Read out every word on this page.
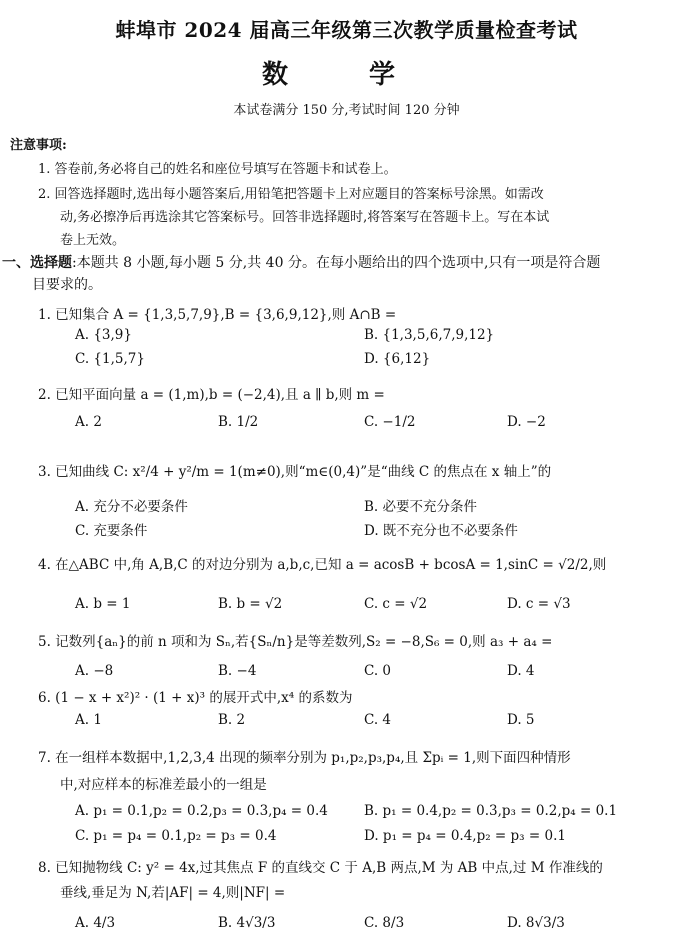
蚌埠市 2024 届高三年级第三次教学质量检查考试
数 学
本试卷满分 150 分,考试时间 120 分钟
注意事项:
1. 答卷前,务必将自己的姓名和座位号填写在答题卡和试卷上。
2. 回答选择题时,选出每小题答案后,用铅笔把答题卡上对应题目的答案标号涂黑。如需改
动,务必擦净后再选涂其它答案标号。回答非选择题时,将答案写在答题卡上。写在本试
卷上无效。
一、选择题:本题共 8 小题,每小题 5 分,共 40 分。在每小题给出的四个选项中,只有一项是符合题
目要求的。
1. 已知集合 A = {1,3,5,7,9},B = {3,6,9,12},则 A∩B =
A. {3,9}	B. {1,3,5,6,7,9,12}
C. {1,5,7}	D. {6,12}
2. 已知平面向量 a = (1,m),b = (−2,4),且 a ∥ b,则 m =
A. 2	B. 1/2	C. −1/2	D. −2
3. 已知曲线 C: x²/4 + y²/m = 1(m≠0),则“m∈(0,4)”是“曲线 C 的焦点在 x 轴上”的
A. 充分不必要条件	B. 必要不充分条件
C. 充要条件	D. 既不充分也不必要条件
4. 在△ABC 中,角 A,B,C 的对边分别为 a,b,c,已知 a = acosB + bcosA = 1,sinC = √2/2,则
A. b = 1	B. b = √2	C. c = √2	D. c = √3
5. 记数列{aₙ}的前 n 项和为 Sₙ,若{Sₙ/n}是等差数列,S₂ = −8,S₆ = 0,则 a₃ + a₄ =
A. −8	B. −4	C. 0	D. 4
6. (1 − x + x²)² · (1 + x)³ 的展开式中,x⁴ 的系数为
A. 1	B. 2	C. 4	D. 5
7. 在一组样本数据中,1,2,3,4 出现的频率分别为 p₁,p₂,p₃,p₄,且 Σpᵢ = 1,则下面四种情形
中,对应样本的标准差最小的一组是
A. p₁ = 0.1,p₂ = 0.2,p₃ = 0.3,p₄ = 0.4	B. p₁ = 0.4,p₂ = 0.3,p₃ = 0.2,p₄ = 0.1
C. p₁ = p₄ = 0.1,p₂ = p₃ = 0.4	D. p₁ = p₄ = 0.4,p₂ = p₃ = 0.1
8. 已知抛物线 C: y² = 4x,过其焦点 F 的直线交 C 于 A,B 两点,M 为 AB 中点,过 M 作准线的
垂线,垂足为 N,若|AF| = 4,则|NF| =
A. 4/3	B. 4√3/3	C. 8/3	D. 8√3/3
